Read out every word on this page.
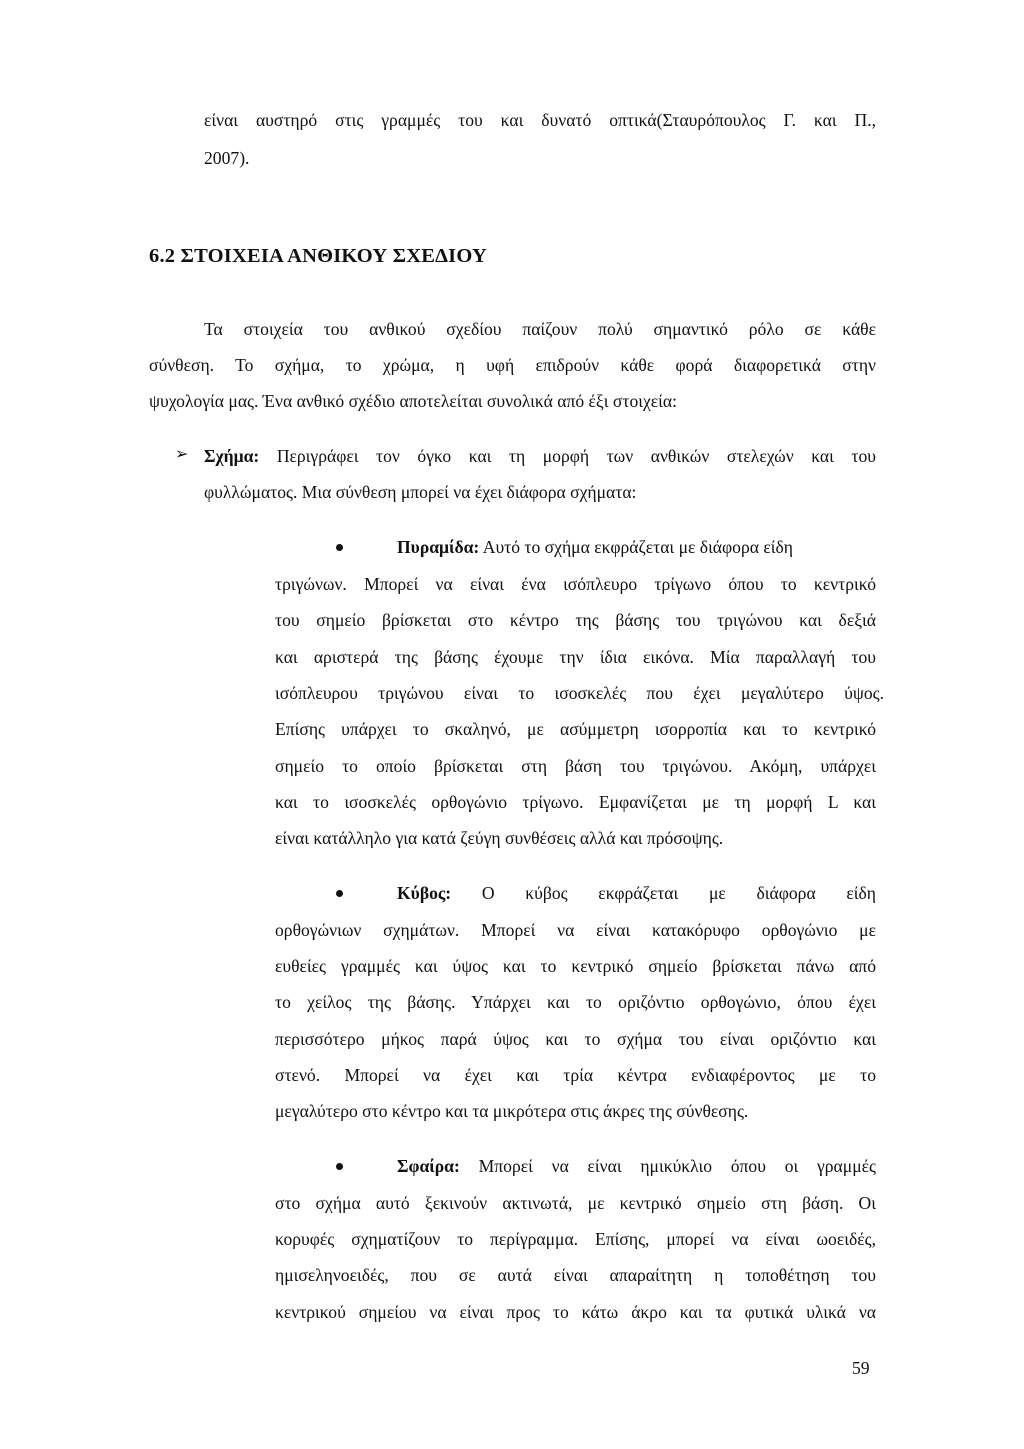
είναι αυστηρό στις γραμμές του και δυνατό οπτικά(Σταυρόπουλος Γ. και Π.,

2007).

6.2 ΣΤΟΙΧΕΙΑ ΑΝΘΙΚΟΥ ΣΧΕΔΙΟΥ

Τα στοιχεία του ανθικού σχεδίου παίζουν πολύ σημαντικό ρόλο σε κάθε

σύνθεση. Το σχήμα, το χρώμα, η υφή επιδρούν κάθε φορά διαφορετικά στην

ψυχολογία μας. Ένα ανθικό σχέδιο αποτελείται συνολικά από έξι στοιχεία:

➢ Σχήμα: Περιγράφει τον όγκο και τη μορφή των ανθικών στελεχών και του

φυλλώματος. Μια σύνθεση μπορεί να έχει διάφορα σχήματα:

Πυραμίδα: Αυτό το σχήμα εκφράζεται με διάφορα είδη

τριγώνων. Μπορεί να είναι ένα ισόπλευρο τρίγωνο όπου το κεντρικό

του σημείο βρίσκεται στο κέντρο της βάσης του τριγώνου και δεξιά

και αριστερά της βάσης έχουμε την ίδια εικόνα. Μία παραλλαγή του

ισόπλευρου τριγώνου είναι το ισοσκελές που έχει μεγαλύτερο ύψος.

Επίσης υπάρχει το σκαληνό, με ασύμμετρη ισορροπία και το κεντρικό

σημείο το οποίο βρίσκεται στη βάση του τριγώνου. Ακόμη, υπάρχει

και το ισοσκελές ορθογώνιο τρίγωνο. Εμφανίζεται με τη μορφή L και

είναι κατάλληλο για κατά ζεύγη συνθέσεις αλλά και πρόσοψης.

Κύβος: Ο κύβος εκφράζεται με διάφορα είδη

ορθογώνιων σχημάτων. Μπορεί να είναι κατακόρυφο ορθογώνιο με

ευθείες γραμμές και ύψος και το κεντρικό σημείο βρίσκεται πάνω από

το χείλος της βάσης. Υπάρχει και το οριζόντιο ορθογώνιο, όπου έχει

περισσότερο μήκος παρά ύψος και το σχήμα του είναι οριζόντιο και

στενό. Μπορεί να έχει και τρία κέντρα ενδιαφέροντος με το

μεγαλύτερο στο κέντρο και τα μικρότερα στις άκρες της σύνθεσης.

Σφαίρα: Μπορεί να είναι ημικύκλιο όπου οι γραμμές

στο σχήμα αυτό ξεκινούν ακτινωτά, με κεντρικό σημείο στη βάση. Οι

κορυφές σχηματίζουν το περίγραμμα. Επίσης, μπορεί να είναι ωοειδές,

ημισεληνοειδές, που σε αυτά είναι απαραίτητη η τοποθέτηση του

κεντρικού σημείου να είναι προς το κάτω άκρο και τα φυτικά υλικά να

59
